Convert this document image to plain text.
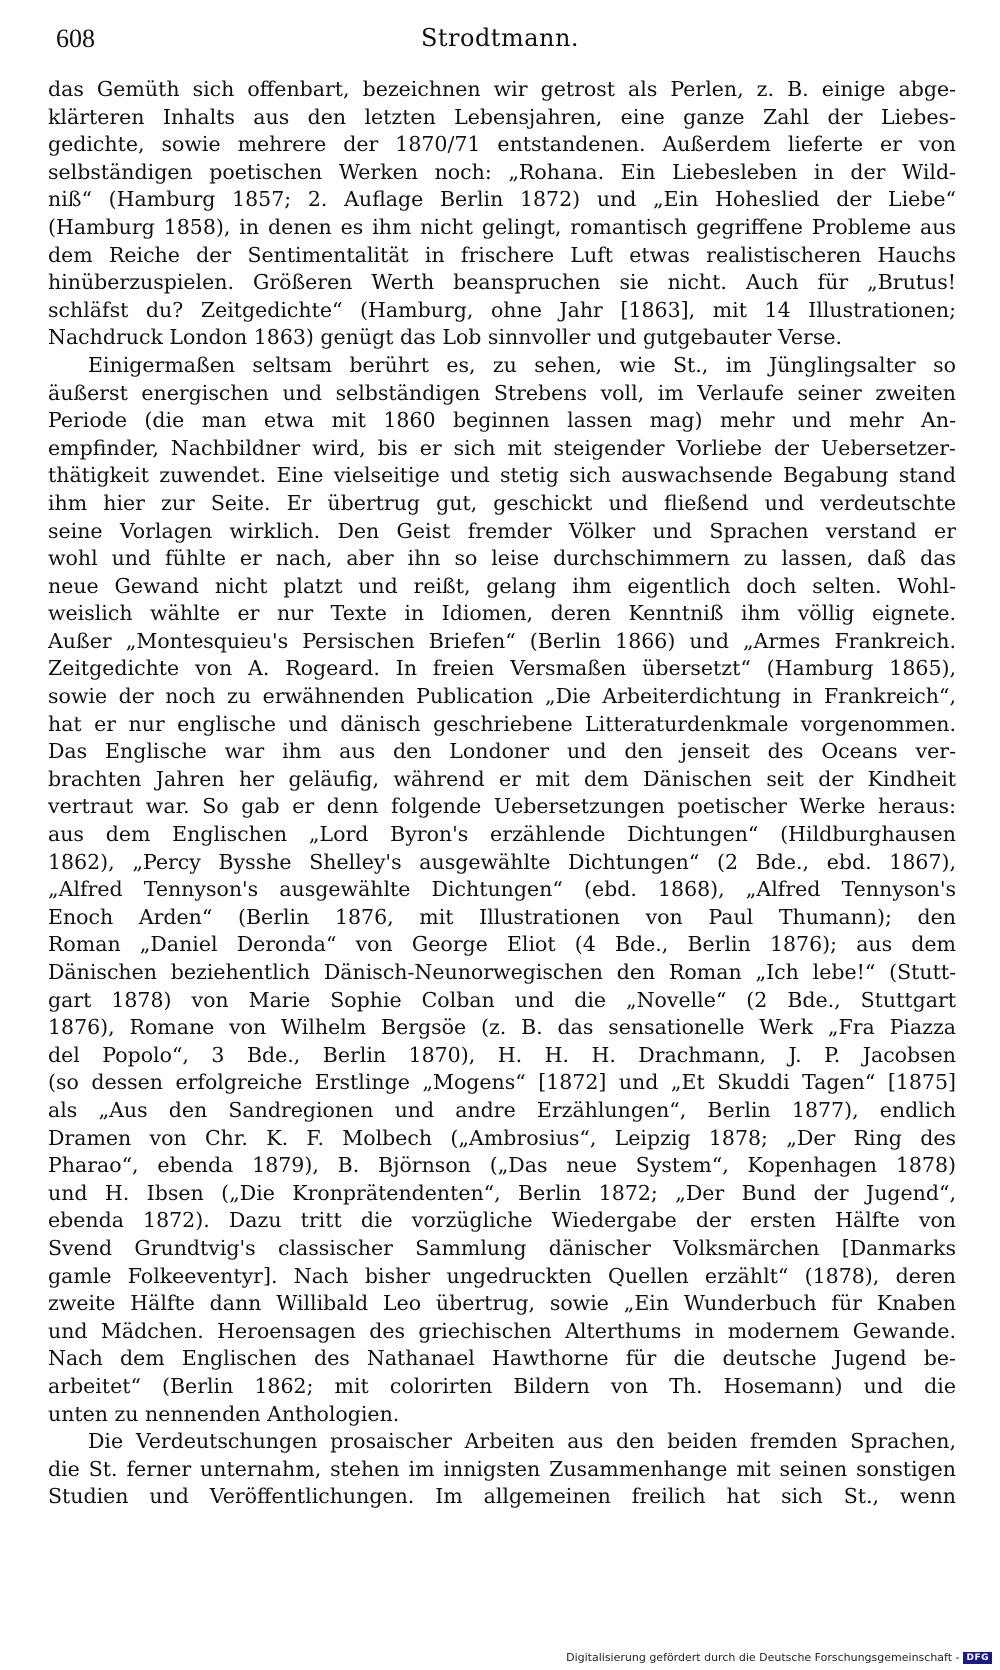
608	Strodtmann.
das Gemüth sich offenbart, bezeichnen wir getrost als Perlen, z. B. einige abge-
klärteren Inhalts aus den letzten Lebensjahren, eine ganze Zahl der Liebes-
gedichte, sowie mehrere der 1870/71 entstandenen. Außerdem lieferte er von
selbständigen poetischen Werken noch: „Rohana. Ein Liebesleben in der Wild-
niß“ (Hamburg 1857; 2. Auflage Berlin 1872) und „Ein Hoheslied der Liebe“
(Hamburg 1858), in denen es ihm nicht gelingt, romantisch gegriffene Probleme aus
dem Reiche der Sentimentalität in frischere Luft etwas realistischeren Hauchs
hinüberzuspielen. Größeren Werth beanspruchen sie nicht. Auch für „Brutus!
schläfst du? Zeitgedichte“ (Hamburg, ohne Jahr [1863], mit 14 Illustrationen;
Nachdruck London 1863) genügt das Lob sinnvoller und gutgebauter Verse.
Einigermaßen seltsam berührt es, zu sehen, wie St., im Jünglingsalter so
äußerst energischen und selbständigen Strebens voll, im Verlaufe seiner zweiten
Periode (die man etwa mit 1860 beginnen lassen mag) mehr und mehr An-
empfinder, Nachbildner wird, bis er sich mit steigender Vorliebe der Uebersetzer-
thätigkeit zuwendet. Eine vielseitige und stetig sich auswachsende Begabung stand
ihm hier zur Seite. Er übertrug gut, geschickt und fließend und verdeutschte
seine Vorlagen wirklich. Den Geist fremder Völker und Sprachen verstand er
wohl und fühlte er nach, aber ihn so leise durchschimmern zu lassen, daß das
neue Gewand nicht platzt und reißt, gelang ihm eigentlich doch selten. Wohl-
weislich wählte er nur Texte in Idiomen, deren Kenntniß ihm völlig eignete.
Außer „Montesquieu's Persischen Briefen“ (Berlin 1866) und „Armes Frankreich.
Zeitgedichte von A. Rogeard. In freien Versmaßen übersetzt“ (Hamburg 1865),
sowie der noch zu erwähnenden Publication „Die Arbeiterdichtung in Frankreich“,
hat er nur englische und dänisch geschriebene Litteraturdenkmale vorgenommen.
Das Englische war ihm aus den Londoner und den jenseit des Oceans ver-
brachten Jahren her geläufig, während er mit dem Dänischen seit der Kindheit
vertraut war. So gab er denn folgende Uebersetzungen poetischer Werke heraus:
aus dem Englischen „Lord Byron's erzählende Dichtungen“ (Hildburghausen
1862), „Percy Bysshe Shelley's ausgewählte Dichtungen“ (2 Bde., ebd. 1867),
„Alfred Tennyson's ausgewählte Dichtungen“ (ebd. 1868), „Alfred Tennyson's
Enoch Arden“ (Berlin 1876, mit Illustrationen von Paul Thumann); den
Roman „Daniel Deronda“ von George Eliot (4 Bde., Berlin 1876); aus dem
Dänischen beziehentlich Dänisch-Neunorwegischen den Roman „Ich lebe!“ (Stutt-
gart 1878) von Marie Sophie Colban und die „Novelle“ (2 Bde., Stuttgart
1876), Romane von Wilhelm Bergsöe (z. B. das sensationelle Werk „Fra Piazza
del Popolo“, 3 Bde., Berlin 1870), H. H. H. Drachmann, J. P. Jacobsen
(so dessen erfolgreiche Erstlinge „Mogens“ [1872] und „Et Skuddi Tagen“ [1875]
als „Aus den Sandregionen und andre Erzählungen“, Berlin 1877), endlich
Dramen von Chr. K. F. Molbech („Ambrosius“, Leipzig 1878; „Der Ring des
Pharao“, ebenda 1879), B. Björnson („Das neue System“, Kopenhagen 1878)
und H. Ibsen („Die Kronprätendenten“, Berlin 1872; „Der Bund der Jugend“,
ebenda 1872). Dazu tritt die vorzügliche Wiedergabe der ersten Hälfte von
Svend Grundtvig's classischer Sammlung dänischer Volksmärchen [Danmarks
gamle Folkeeventyr]. Nach bisher ungedruckten Quellen erzählt“ (1878), deren
zweite Hälfte dann Willibald Leo übertrug, sowie „Ein Wunderbuch für Knaben
und Mädchen. Heroensagen des griechischen Alterthums in modernem Gewande.
Nach dem Englischen des Nathanael Hawthorne für die deutsche Jugend be-
arbeitet“ (Berlin 1862; mit colorirten Bildern von Th. Hosemann) und die
unten zu nennenden Anthologien.
Die Verdeutschungen prosaischer Arbeiten aus den beiden fremden Sprachen,
die St. ferner unternahm, stehen im innigsten Zusammenhange mit seinen sonstigen
Studien und Veröffentlichungen. Im allgemeinen freilich hat sich St., wenn
Digitalisierung gefördert durch die Deutsche Forschungsgemeinschaft - DFG
